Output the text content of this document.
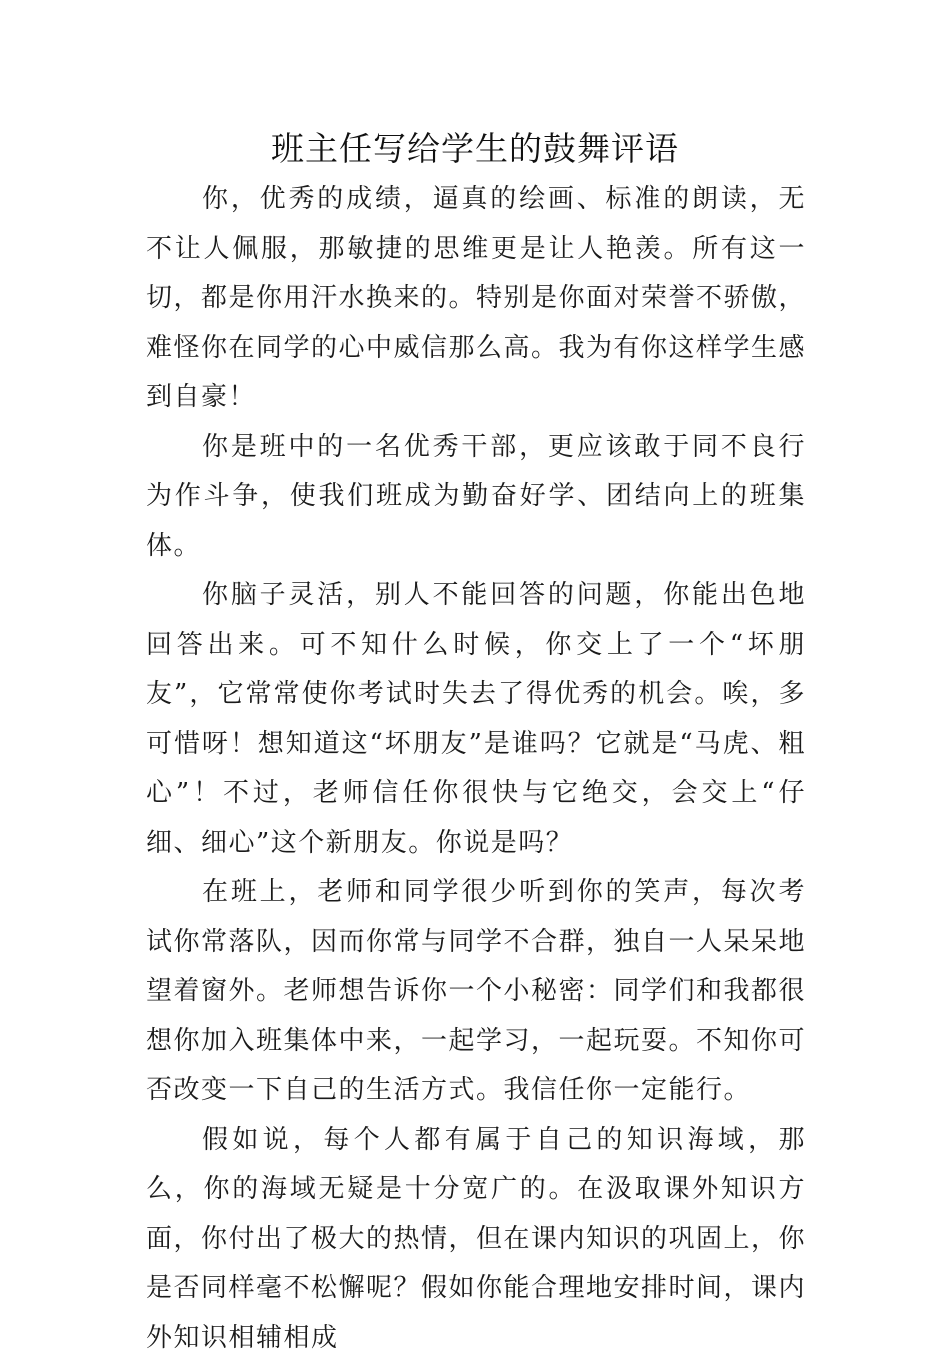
班主任写给学生的鼓舞评语

你，优秀的成绩，逼真的绘画、标准的朗读，无不让人佩服，那敏捷的思维更是让人艳羡。所有这一切，都是你用汗水换来的。特别是你面对荣誉不骄傲，难怪你在同学的心中威信那么高。我为有你这样学生感到自豪！

你是班中的一名优秀干部，更应该敢于同不良行为作斗争，使我们班成为勤奋好学、团结向上的班集体。

你脑子灵活，别人不能回答的问题，你能出色地回答出来。可不知什么时候，你交上了一个“坏朋友”，它常常使你考试时失去了得优秀的机会。唉，多可惜呀！想知道这“坏朋友”是谁吗？它就是“马虎、粗心”！不过，老师信任你很快与它绝交，会交上“仔细、细心”这个新朋友。你说是吗？

在班上，老师和同学很少听到你的笑声，每次考试你常落队，因而你常与同学不合群，独自一人呆呆地望着窗外。老师想告诉你一个小秘密：同学们和我都很想你加入班集体中来，一起学习，一起玩耍。不知你可否改变一下自己的生活方式。我信任你一定能行。

假如说，每个人都有属于自己的知识海域，那么，你的海域无疑是十分宽广的。在汲取课外知识方面，你付出了极大的热情，但在课内知识的巩固上，你是否同样毫不松懈呢？假如你能合理地安排时间，课内外知识相辅相成
